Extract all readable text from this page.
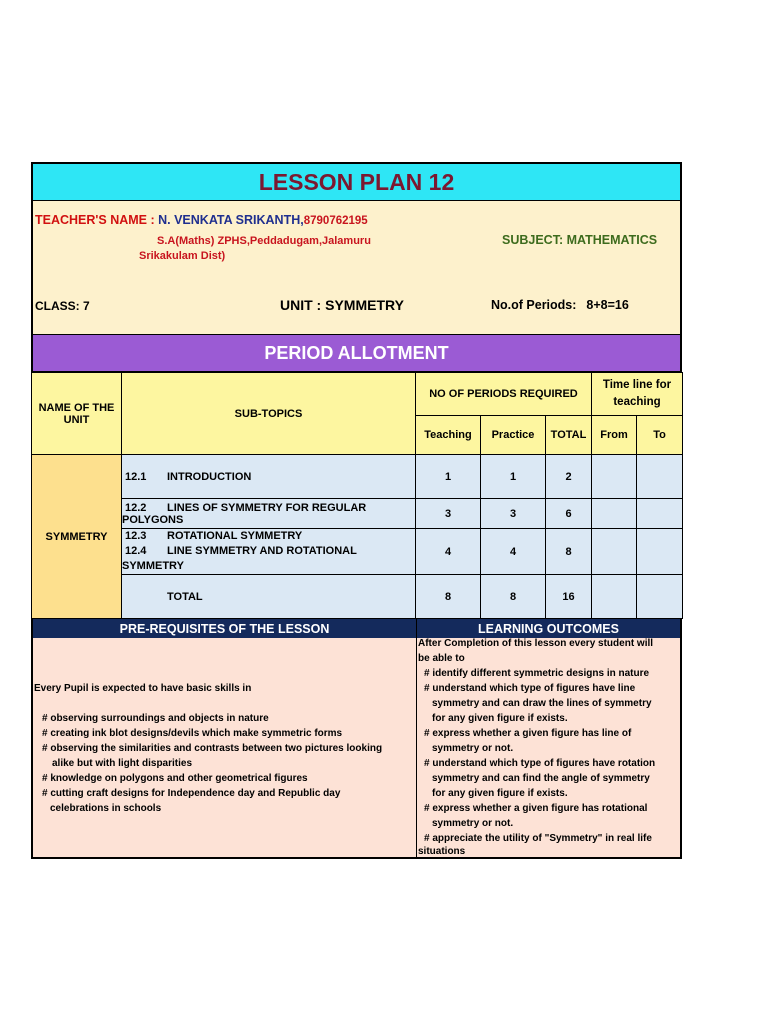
LESSON PLAN 12
TEACHER'S NAME : N. VENKATA SRIKANTH,8790762195
S.A(Maths) ZPHS,Peddadugam,Jalamuru
Srikakulam Dist)
SUBJECT: MATHEMATICS
CLASS: 7	UNIT : SYMMETRY	No.of Periods: 8+8=16
PERIOD ALLOTMENT
NAME OF THE UNIT	SUB-TOPICS	NO OF PERIODS REQUIRED			Time line for teaching	
		Teaching	Practice	TOTAL	From	To
SYMMETRY	12.1 INTRODUCTION	1	1	2		
	12.2 LINES OF SYMMETRY FOR REGULAR POLYGONS	3	3	6		

	12.3 ROTATIONAL SYMMETRY
12.4 LINE SYMMETRY AND ROTATIONAL SYMMETRY	4	4	8		
	TOTAL	8	8	16		
PRE-REQUISITES OF THE LESSON	LEARNING OUTCOMES
Every Pupil is expected to have basic skills in
# observing surroundings and objects in nature
# creating ink blot designs/devils which make symmetric forms
# observing the similarities and contrasts between two pictures looking
alike but with light disparities
# knowledge on polygons and other geometrical figures
# cutting craft designs for Independence day and Republic day
celebrations in schools
After Completion of this lesson every student will
be able to
# identify different symmetric designs in nature
# understand which type of figures have line
symmetry and can draw the lines of symmetry
for any given figure if exists.
# express whether a given figure has line of
symmetry or not.
# understand which type of figures have rotation
symmetry and can find the angle of symmetry
for any given figure if exists.
# express whether a given figure has rotational
symmetry or not.
# appreciate the utility of "Symmetry" in real life
situations
